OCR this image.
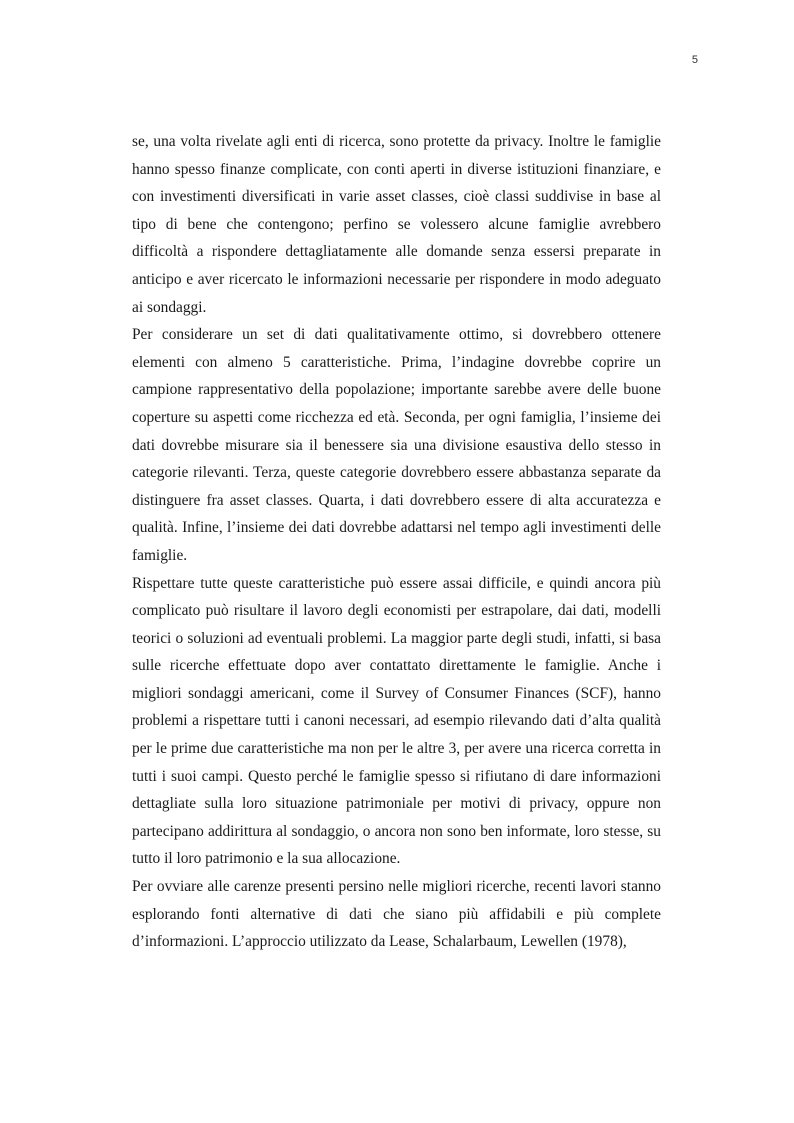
5

se, una volta rivelate agli enti di ricerca, sono protette da privacy. Inoltre le famiglie hanno spesso finanze complicate, con conti aperti in diverse istituzioni finanziare, e con investimenti diversificati in varie asset classes, cioè classi suddivise in base al tipo di bene che contengono; perfino se volessero alcune famiglie avrebbero difficoltà a rispondere dettagliatamente alle domande senza essersi preparate in anticipo e aver ricercato le informazioni necessarie per rispondere in modo adeguato ai sondaggi.

Per considerare un set di dati qualitativamente ottimo, si dovrebbero ottenere elementi con almeno 5 caratteristiche. Prima, l’indagine dovrebbe coprire un campione rappresentativo della popolazione; importante sarebbe avere delle buone coperture su aspetti come ricchezza ed età. Seconda, per ogni famiglia, l’insieme dei dati dovrebbe misurare sia il benessere sia una divisione esaustiva dello stesso in categorie rilevanti. Terza, queste categorie dovrebbero essere abbastanza separate da distinguere fra asset classes. Quarta, i dati dovrebbero essere di alta accuratezza e qualità. Infine, l’insieme dei dati dovrebbe adattarsi nel tempo agli investimenti delle famiglie.

Rispettare tutte queste caratteristiche può essere assai difficile, e quindi ancora più complicato può risultare il lavoro degli economisti per estrapolare, dai dati, modelli teorici o soluzioni ad eventuali problemi. La maggior parte degli studi, infatti, si basa sulle ricerche effettuate dopo aver contattato direttamente le famiglie. Anche i migliori sondaggi americani, come il Survey of Consumer Finances (SCF), hanno problemi a rispettare tutti i canoni necessari, ad esempio rilevando dati d’alta qualità per le prime due caratteristiche ma non per le altre 3, per avere una ricerca corretta in tutti i suoi campi. Questo perché le famiglie spesso si rifiutano di dare informazioni dettagliate sulla loro situazione patrimoniale per motivi di privacy, oppure non partecipano addirittura al sondaggio, o ancora non sono ben informate, loro stesse, su tutto il loro patrimonio e la sua allocazione.

Per ovviare alle carenze presenti persino nelle migliori ricerche, recenti lavori stanno esplorando fonti alternative di dati che siano più affidabili e più complete d’informazioni. L’approccio utilizzato da Lease, Schalarbaum, Lewellen (1978),
